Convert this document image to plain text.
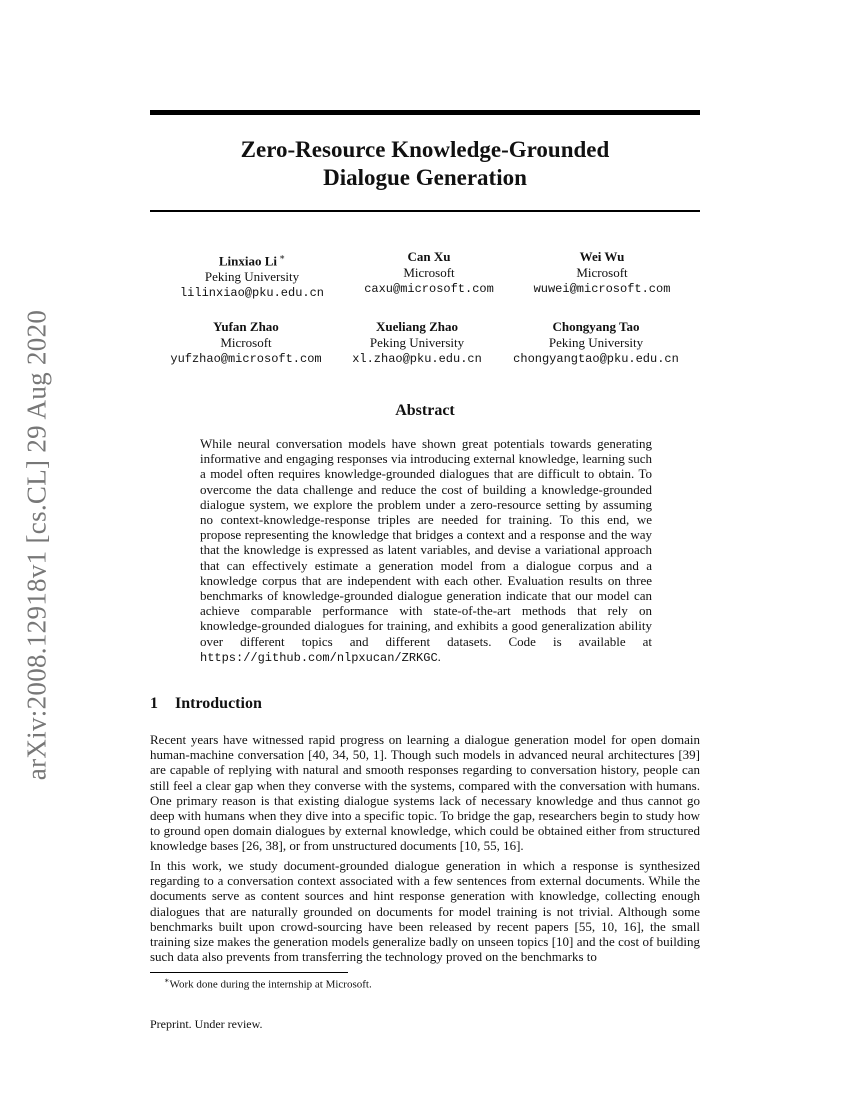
arXiv:2008.12918v1 [cs.CL] 29 Aug 2020
Zero-Resource Knowledge-Grounded
Dialogue Generation
Linxiao Li ∗
Peking University
lilinxiao@pku.edu.cn
Can Xu
Microsoft
caxu@microsoft.com
Wei Wu
Microsoft
wuwei@microsoft.com
Yufan Zhao
Microsoft
yufzhao@microsoft.com
Xueliang Zhao
Peking University
xl.zhao@pku.edu.cn
Chongyang Tao
Peking University
chongyangtao@pku.edu.cn
Abstract
While neural conversation models have shown great potentials towards generating informative and engaging responses via introducing external knowledge, learning such a model often requires knowledge-grounded dialogues that are difficult to obtain. To overcome the data challenge and reduce the cost of building a knowledge-grounded dialogue system, we explore the problem under a zero-resource setting by assuming no context-knowledge-response triples are needed for training. To this end, we propose representing the knowledge that bridges a context and a response and the way that the knowledge is expressed as latent variables, and devise a variational approach that can effectively estimate a generation model from a dialogue corpus and a knowledge corpus that are independent with each other. Evaluation results on three benchmarks of knowledge-grounded dialogue generation indicate that our model can achieve comparable performance with state-of-the-art methods that rely on knowledge-grounded dialogues for training, and exhibits a good generalization ability over different topics and different datasets. Code is available at https://github.com/nlpxucan/ZRKGC.
1 Introduction
Recent years have witnessed rapid progress on learning a dialogue generation model for open domain human-machine conversation [40, 34, 50, 1]. Though such models in advanced neural architectures [39] are capable of replying with natural and smooth responses regarding to conversation history, people can still feel a clear gap when they converse with the systems, compared with the conversation with humans. One primary reason is that existing dialogue systems lack of necessary knowledge and thus cannot go deep with humans when they dive into a specific topic. To bridge the gap, researchers begin to study how to ground open domain dialogues by external knowledge, which could be obtained either from structured knowledge bases [26, 38], or from unstructured documents [10, 55, 16].
In this work, we study document-grounded dialogue generation in which a response is synthesized regarding to a conversation context associated with a few sentences from external documents. While the documents serve as content sources and hint response generation with knowledge, collecting enough dialogues that are naturally grounded on documents for model training is not trivial. Although some benchmarks built upon crowd-sourcing have been released by recent papers [55, 10, 16], the small training size makes the generation models generalize badly on unseen topics [10] and the cost of building such data also prevents from transferring the technology proved on the benchmarks to
∗Work done during the internship at Microsoft.
Preprint. Under review.
